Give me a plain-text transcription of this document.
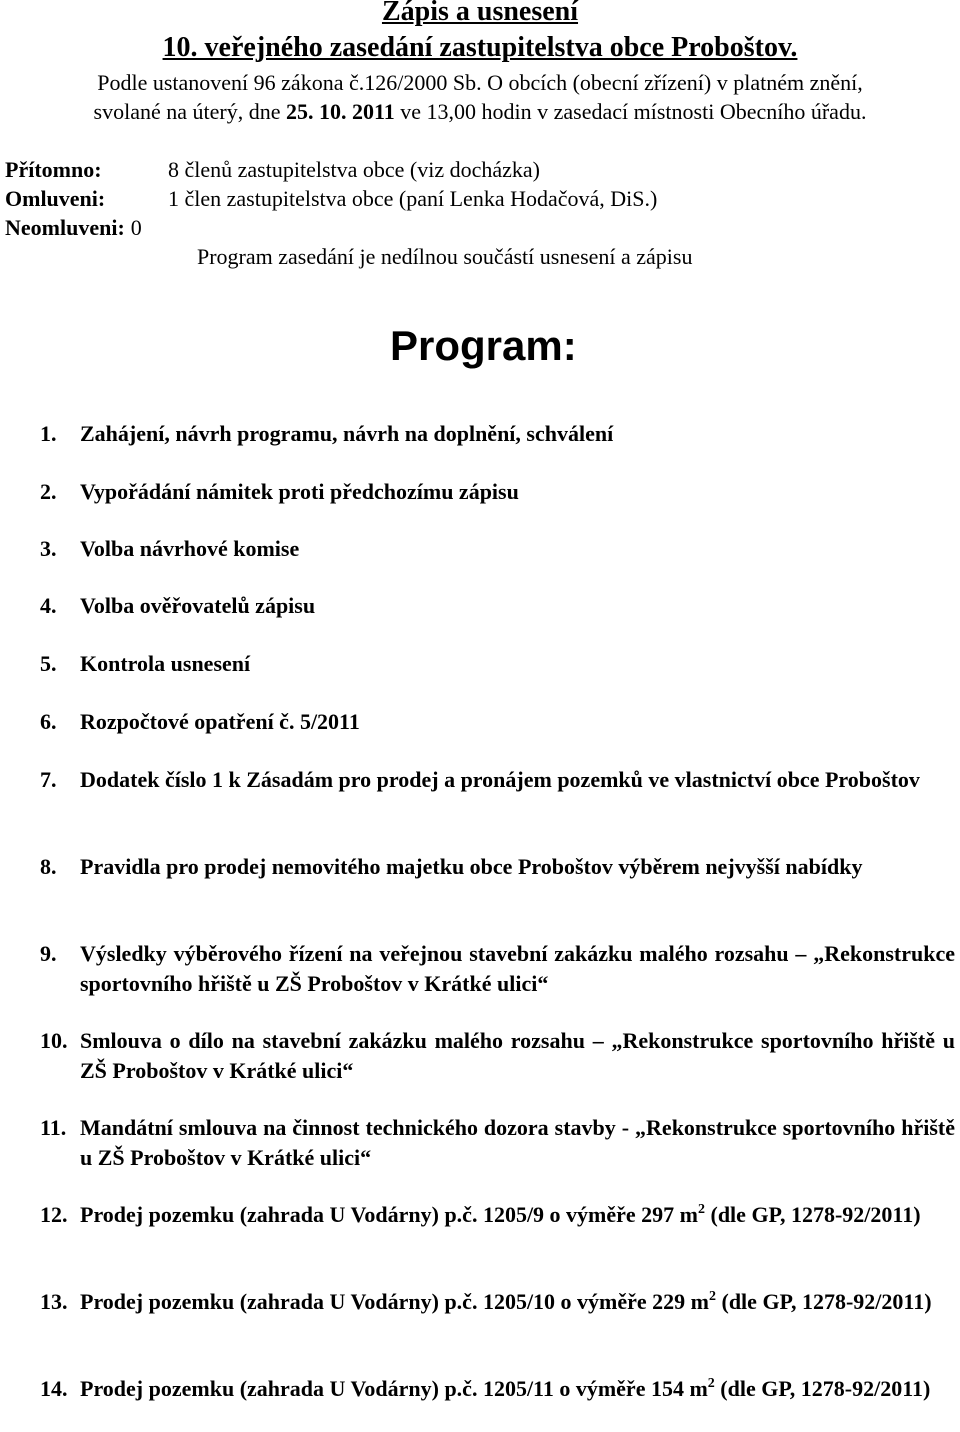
Zápis a usnesení
10. veřejného zasedání zastupitelstva obce Proboštov.
Podle ustanovení 96 zákona č.126/2000 Sb. O obcích (obecní zřízení) v platném znění,
svolané na úterý, dne 25. 10. 2011 ve 13,00 hodin v zasedací místnosti Obecního úřadu.
Přítomno:	8 členů zastupitelstva obce (viz docházka)
Omluveni:	1 člen zastupitelstva obce (paní Lenka Hodačová, DiS.)
Neomluveni: 0
Program zasedání je nedílnou součástí usnesení a zápisu
Program:
1.	Zahájení, návrh programu, návrh na doplnění, schválení
2.	Vypořádání námitek proti předchozímu zápisu
3.	Volba návrhové komise
4.	Volba ověřovatelů zápisu
5.	Kontrola usnesení
6.	Rozpočtové opatření č. 5/2011
7.	Dodatek číslo 1 k Zásadám pro prodej a pronájem pozemků ve vlastnictví obce Proboštov
8.	Pravidla pro prodej nemovitého majetku obce Proboštov výběrem nejvyšší nabídky
9.	Výsledky výběrového řízení na veřejnou stavební zakázku malého rozsahu – „Rekonstrukce sportovního hřiště u ZŠ Proboštov v Krátké ulici“
10. Smlouva o dílo na stavební zakázku malého rozsahu – „Rekonstrukce sportovního hřiště u ZŠ Proboštov v Krátké ulici“
11. Mandátní smlouva na činnost technického dozora stavby - „Rekonstrukce sportovního hřiště u ZŠ Proboštov v Krátké ulici“
12. Prodej pozemku (zahrada U Vodárny) p.č. 1205/9 o výměře 297 $m^2$ (dle GP, 1278-92/2011)
13. Prodej pozemku (zahrada U Vodárny) p.č. 1205/10 o výměře 229 $m^2$ (dle GP, 1278-92/2011)
14. Prodej pozemku (zahrada U Vodárny) p.č. 1205/11 o výměře 154 $m^2$ (dle GP, 1278-92/2011)
